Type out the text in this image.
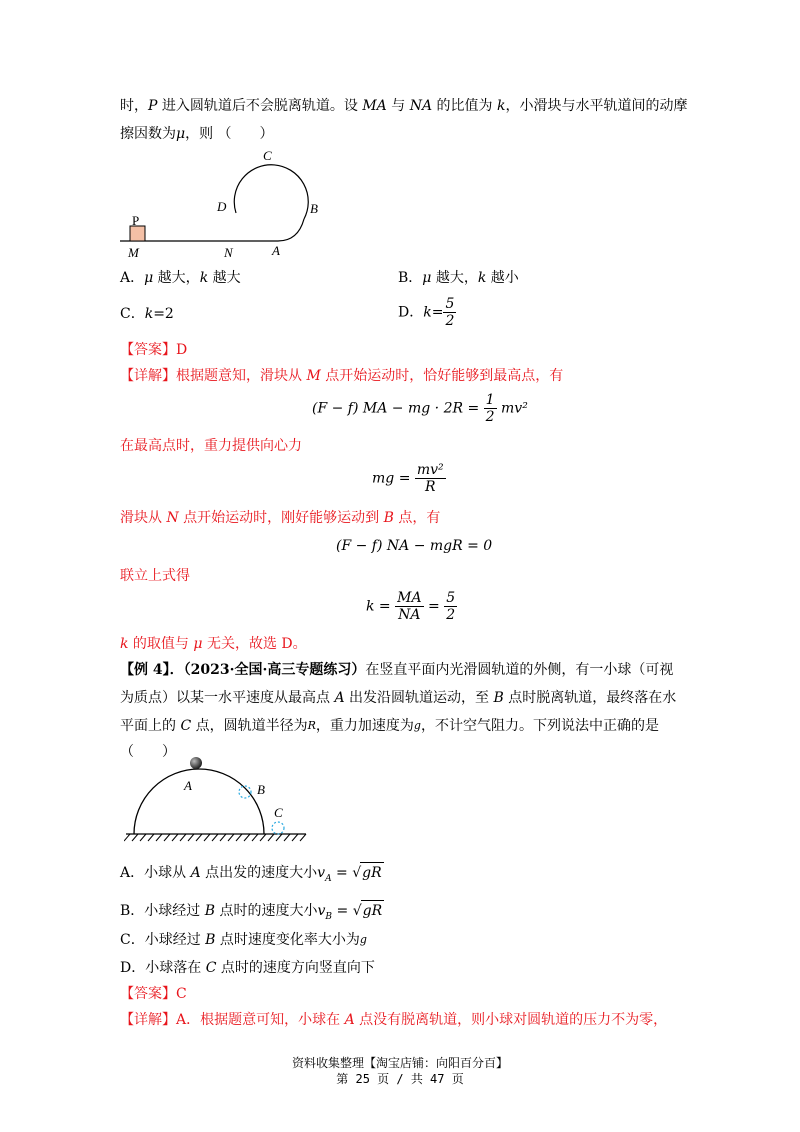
时，P 进入圆轨道后不会脱离轨道。设 MA 与 NA 的比值为 k，小滑块与水平轨道间的动摩
擦因数为μ，则 （　　）
P
M	N	A
C
D	B
A．μ 越大，k 越大	B．μ 越大，k 越小
C．k=2	D．$k= \frac{5}{2}$
【答案】D
【详解】根据题意知，滑块从 M 点开始运动时，恰好能够到最高点，有
(F − f) MA − mg · $2R = \frac{1}{2} mv^2$
在最高点时，重力提供向心力
mg = $\frac{\text{mv²}}{R}$
滑块从 N 点开始运动时，刚好能够运动到 B 点，有
(F − f) NA − mgR = 0
联立上式得
$k = \frac{MA}{NA} = \frac{5}{2}$
k 的取值与 μ 无关，故选 D。
【例 4】．（2023·全国·高三专题练习）在竖直平面内光滑圆轨道的外侧，有一小球（可视
为质点）以某一水平速度从最高点 A 出发沿圆轨道运动，至 B 点时脱离轨道，最终落在水
平面上的 C 点，圆轨道半径为$^R$，重力加速度为$^g$，不计空气阻力。下列说法中正确的是
（　　）
A	B
C
A．小球从 A 点出发的速度大小$v_A = √gR$
B．小球经过 B 点时的速度大小$v_B = √gR$
C．小球经过 B 点时速度变化率大小为$^g$
D．小球落在 C 点时的速度方向竖直向下
【答案】C
【详解】A．根据题意可知，小球在 A 点没有脱离轨道，则小球对圆轨道的压力不为零，
资料收集整理【淘宝店铺：向阳百分百】
第 25 页 / 共 47 页
